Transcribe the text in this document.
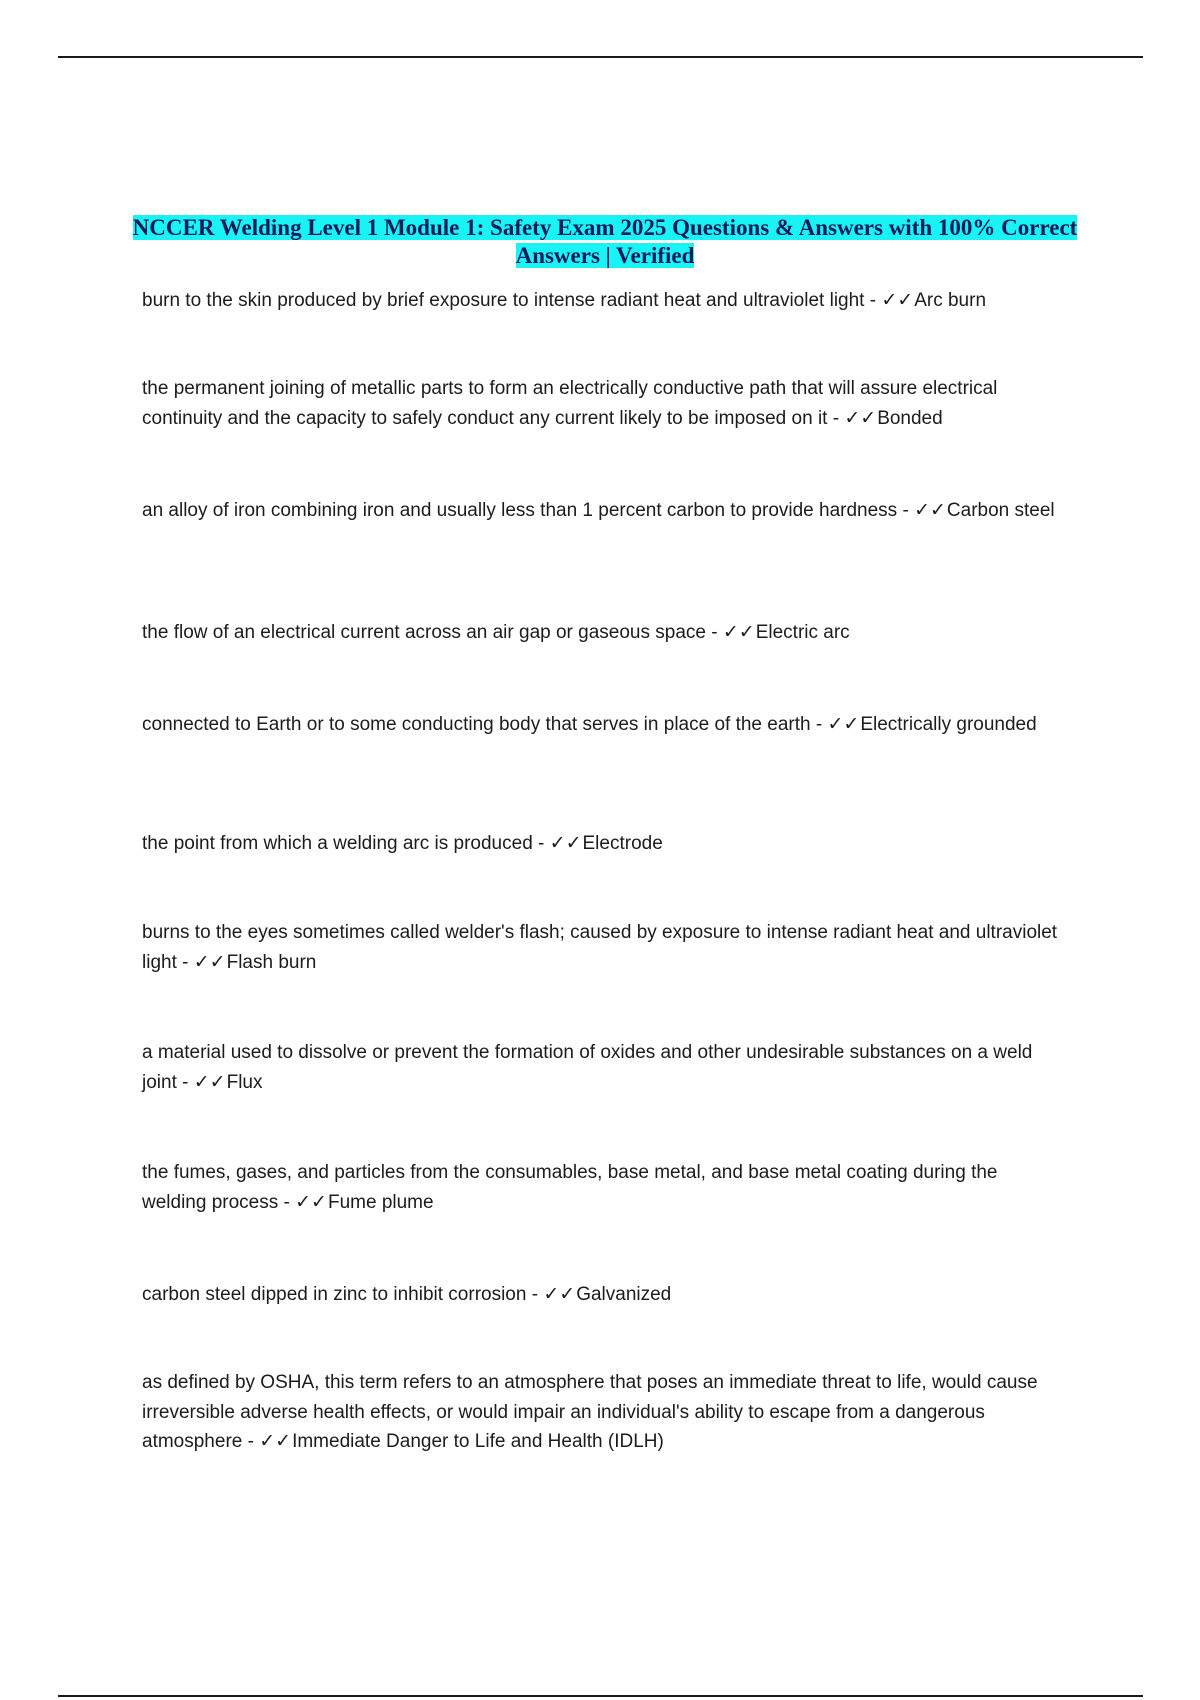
NCCER Welding Level 1 Module 1: Safety Exam 2025 Questions & Answers with 100% Correct Answers | Verified
burn to the skin produced by brief exposure to intense radiant heat and ultraviolet light - ✓✓Arc burn
the permanent joining of metallic parts to form an electrically conductive path that will assure electrical continuity and the capacity to safely conduct any current likely to be imposed on it - ✓✓Bonded
an alloy of iron combining iron and usually less than 1 percent carbon to provide hardness - ✓✓Carbon steel
the flow of an electrical current across an air gap or gaseous space - ✓✓Electric arc
connected to Earth or to some conducting body that serves in place of the earth - ✓✓Electrically grounded
the point from which a welding arc is produced - ✓✓Electrode
burns to the eyes sometimes called welder's flash; caused by exposure to intense radiant heat and ultraviolet light - ✓✓Flash burn
a material used to dissolve or prevent the formation of oxides and other undesirable substances on a weld joint - ✓✓Flux
the fumes, gases, and particles from the consumables, base metal, and base metal coating during the welding process - ✓✓Fume plume
carbon steel dipped in zinc to inhibit corrosion - ✓✓Galvanized
as defined by OSHA, this term refers to an atmosphere that poses an immediate threat to life, would cause irreversible adverse health effects, or would impair an individual's ability to escape from a dangerous atmosphere - ✓✓Immediate Danger to Life and Health (IDLH)
